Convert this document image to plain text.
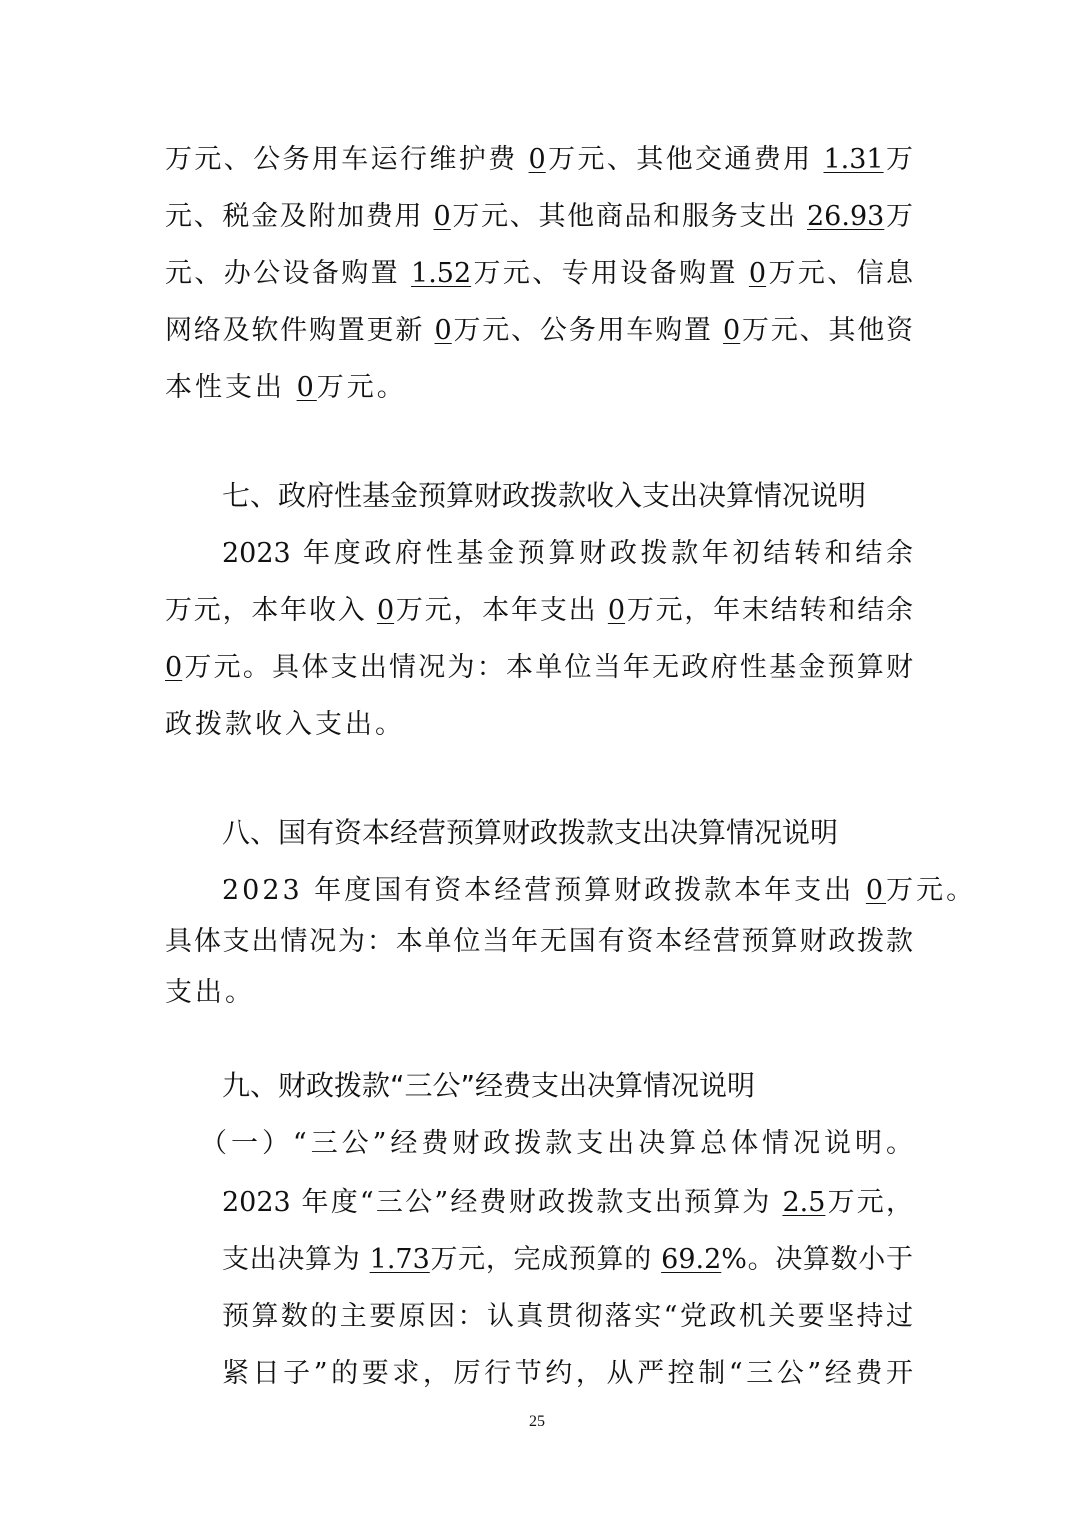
万元、公务用车运行维护费 0万元、其他交通费用 1.31万
元、税金及附加费用 0万元、其他商品和服务支出 26.93万
元、办公设备购置 1.52万元、专用设备购置 0万元、信息
网络及软件购置更新 0万元、公务用车购置 0万元、其他资
本性支出 0万元。
七、政府性基金预算财政拨款收入支出决算情况说明
2023 年度政府性基金预算财政拨款年初结转和结余
万元，本年收入 0万元，本年支出 0万元，年末结转和结余
0万元。具体支出情况为：本单位当年无政府性基金预算财
政拨款收入支出。
八、国有资本经营预算财政拨款支出决算情况说明
2023 年度国有资本经营预算财政拨款本年支出 0万元。
具体支出情况为：本单位当年无国有资本经营预算财政拨款
支出。
九、财政拨款“三公”经费支出决算情况说明
（一）“三公”经费财政拨款支出决算总体情况说明。
2023 年度“三公”经费财政拨款支出预算为 2.5万元，
支出决算为 1.73万元，完成预算的 69.2%。决算数小于
预算数的主要原因：认真贯彻落实“党政机关要坚持过
紧日子”的要求，厉行节约，从严控制“三公”经费开
25
